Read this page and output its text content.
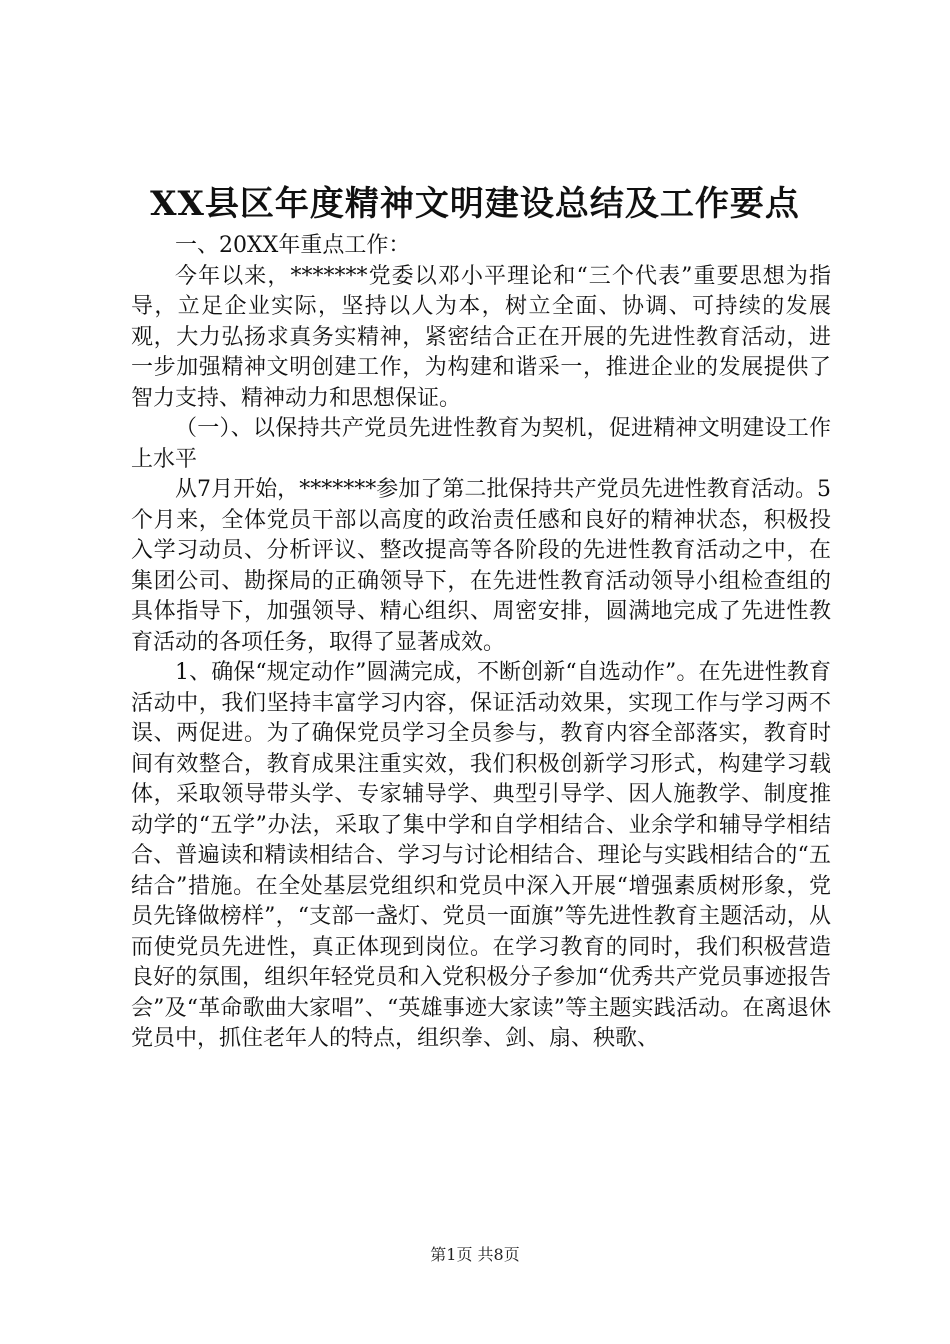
XX县区年度精神文明建设总结及工作要点

一、20XX年重点工作：

今年以来，*******党委以邓小平理论和“三个代表”重要思想为指导，立足企业实际，坚持以人为本，树立全面、协调、可持续的发展观，大力弘扬求真务实精神，紧密结合正在开展的先进性教育活动，进一步加强精神文明创建工作，为构建和谐采一，推进企业的发展提供了智力支持、精神动力和思想保证。

（一）、以保持共产党员先进性教育为契机，促进精神文明建设工作上水平

从7月开始，*******参加了第二批保持共产党员先进性教育活动。5个月来，全体党员干部以高度的政治责任感和良好的精神状态，积极投入学习动员、分析评议、整改提高等各阶段的先进性教育活动之中，在集团公司、勘探局的正确领导下，在先进性教育活动领导小组检查组的具体指导下，加强领导、精心组织、周密安排，圆满地完成了先进性教育活动的各项任务，取得了显著成效。

1、确保“规定动作”圆满完成，不断创新“自选动作”。在先进性教育活动中，我们坚持丰富学习内容，保证活动效果，实现工作与学习两不误、两促进。为了确保党员学习全员参与，教育内容全部落实，教育时间有效整合，教育成果注重实效，我们积极创新学习形式，构建学习载体，采取领导带头学、专家辅导学、典型引导学、因人施教学、制度推动学的“五学”办法，采取了集中学和自学相结合、业余学和辅导学相结合、普遍读和精读相结合、学习与讨论相结合、理论与实践相结合的“五结合”措施。在全处基层党组织和党员中深入开展“增强素质树形象，党员先锋做榜样”，“支部一盏灯、党员一面旗”等先进性教育主题活动，从而使党员先进性，真正体现到岗位。在学习教育的同时，我们积极营造良好的氛围，组织年轻党员和入党积极分子参加“优秀共产党员事迹报告会”及“革命歌曲大家唱”、“英雄事迹大家读”等主题实践活动。在离退休党员中，抓住老年人的特点，组织拳、剑、扇、秧歌、

第1页 共8页
